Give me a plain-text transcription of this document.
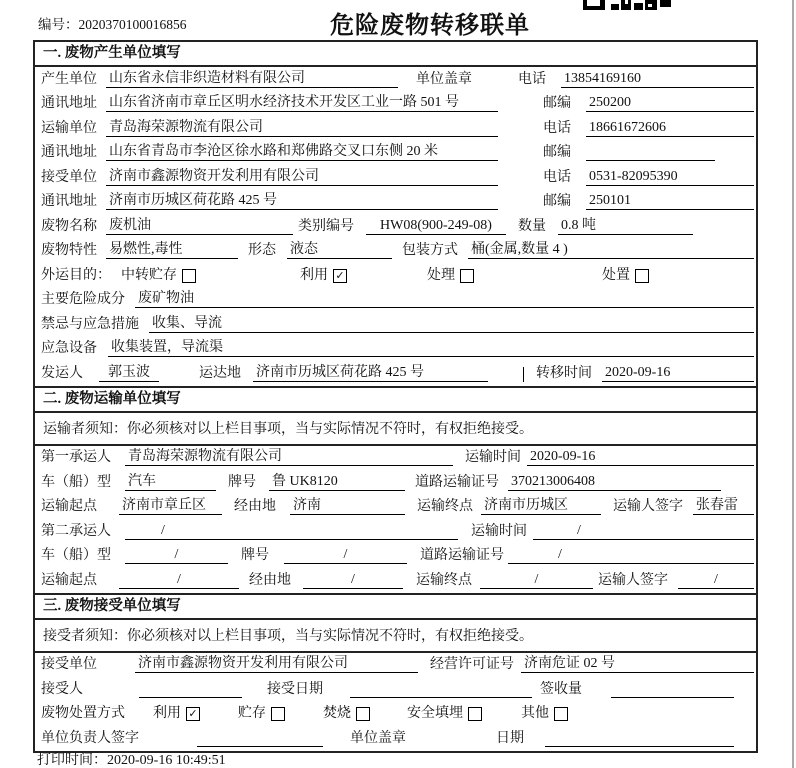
编号：2020370100016856	危险废物转移联单
一. 废物产生单位填写
产生单位 山东省永信非织造材料有限公司	单位盖章	电话 13854169160
通讯地址 山东省济南市章丘区明水经济技术开发区工业一路 501 号	邮编 250200
运输单位 青岛海荣源物流有限公司	电话 18661672606
通讯地址 山东省青岛市李沧区徐水路和郑佛路交叉口东侧 20 米	邮编
接受单位 济南市鑫源物资开发利用有限公司	电话 0531-82095390
通讯地址 济南市历城区荷花路 425 号	邮编 250101
废物名称 废机油	类别编号	HW08(900-249-08)	数量 0.8 吨
废物特性 易燃性,毒性	形态 液态	包装方式 桶(金属,数量 4 )
外运目的： 中转贮存	利用 ✓	处理	处置
主要危险成分 废矿物油
禁忌与应急措施 收集、导流
应急设备 收集装置，导流渠
发运人	郭玉波	运达地 济南市历城区荷花路 425 号	转移时间 2020-09-16
二. 废物运输单位填写
运输者须知：你必须核对以上栏目事项，当与实际情况不符时，有权拒绝接受。
第一承运人 青岛海荣源物流有限公司	运输时间 2020-09-16
车（船）型 汽车	牌号 鲁 UK8120	道路运输证号 370213006408
运输起点 济南市章丘区	经由地 济南	运输终点 济南市历城区	运输人签字 张春雷
第二承运人	/	运输时间	/
车（船）型	/	牌号	/	道路运输证号	/
运输起点	/	经由地	/	运输终点	/	运输人签字	/
三. 废物接受单位填写
接受者须知：你必须核对以上栏目事项，当与实际情况不符时，有权拒绝接受。
接受单位	济南市鑫源物资开发利用有限公司	经营许可证号 济南危证 02 号
接受人	接受日期	签收量
废物处置方式 利用 ✓	贮存	焚烧	安全填埋	其他
单位负责人签字	单位盖章	日期
打印时间：2020-09-16 10:49:51
